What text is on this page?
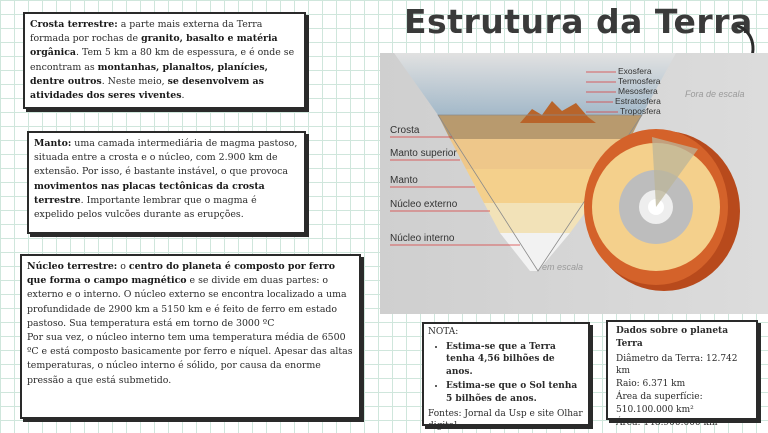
Estrutura da Terra
Crosta terrestre: a parte mais externa da Terra formada por rochas de granito, basalto e matéria orgânica. Tem 5 km a 80 km de espessura, e é onde se encontram as montanhas, planaltos, planícies, dentre outros. Neste meio, se desenvolvem as atividades dos seres viventes.
Manto: uma camada intermediária de magma pastoso, situada entre a crosta e o núcleo, com 2.900 km de extensão. Por isso, é bastante instável, o que provoca movimentos nas placas tectônicas da crosta terrestre. Importante lembrar que o magma é expelido pelos vulcões durante as erupções.
Núcleo terrestre: o centro do planeta é composto por ferro que forma o campo magnético e se divide em duas partes: o externo e o interno. O núcleo externo se encontra localizado a uma profundidade de 2900 km a 5150 km e é feito de ferro em estado pastoso. Sua temperatura está em torno de 3000 ºC
Por sua vez, o núcleo interno tem uma temperatura média de 6500 ºC e está composto basicamente por ferro e níquel. Apesar das altas temperaturas, o núcleo interno é sólido, por causa da enorme pressão a que está submetido.
Exosfera
Termosfera
Mesosfera
Estratosfera
Troposfera
Crosta
Manto superior
Manto
Núcleo externo
Núcleo interno
Fora de escala
em escala
NOTA:
• Estima-se que a Terra tenha 4,56 bilhões de anos.
• Estima-se que o Sol tenha 5 bilhões de anos.
Fontes: Jornal da Usp e site Olhar digital
Dados sobre o planeta Terra
Diâmetro da Terra: 12.742 km
Raio: 6.371 km
Área da superfície: 510.100.000 km²
Área: 148.900.000 km²
